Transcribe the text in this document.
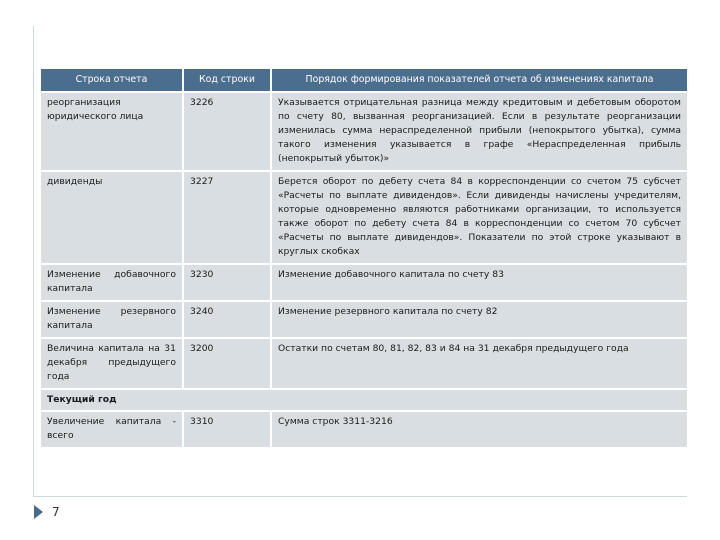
Строка отчета	Код строки	Порядок формирования показателей отчета об изменениях капитала
реорганизация юридического лица	3226	Указывается отрицательная разница между кредитовым и дебетовым оборотом по счету 80, вызванная реорганизацией. Если в результате реорганизации изменилась сумма нераспределенной прибыли (непокрытого убытка), сумма такого изменения указывается в графе «Нераспределенная прибыль (непокрытый убыток)»
дивиденды	3227	Берется оборот по дебету счета 84 в корреспонденции со счетом 75 субсчет «Расчеты по выплате дивидендов». Если дивиденды начислены учредителям, которые одновременно являются работниками организации, то используется также оборот по дебету счета 84 в корреспонденции со счетом 70 субсчет «Расчеты по выплате дивидендов». Показатели по этой строке указывают в круглых скобках
Изменение добавочного капитала	3230	Изменение добавочного капитала по счету 83
Изменение резервного капитала	3240	Изменение резервного капитала по счету 82
Величина капитала на 31 декабря предыдущего года	3200	Остатки по счетам 80, 81, 82, 83 и 84 на 31 декабря предыдущего года
Текущий год		
Увеличение капитала - всего	3310	Сумма строк 3311-3216
7
